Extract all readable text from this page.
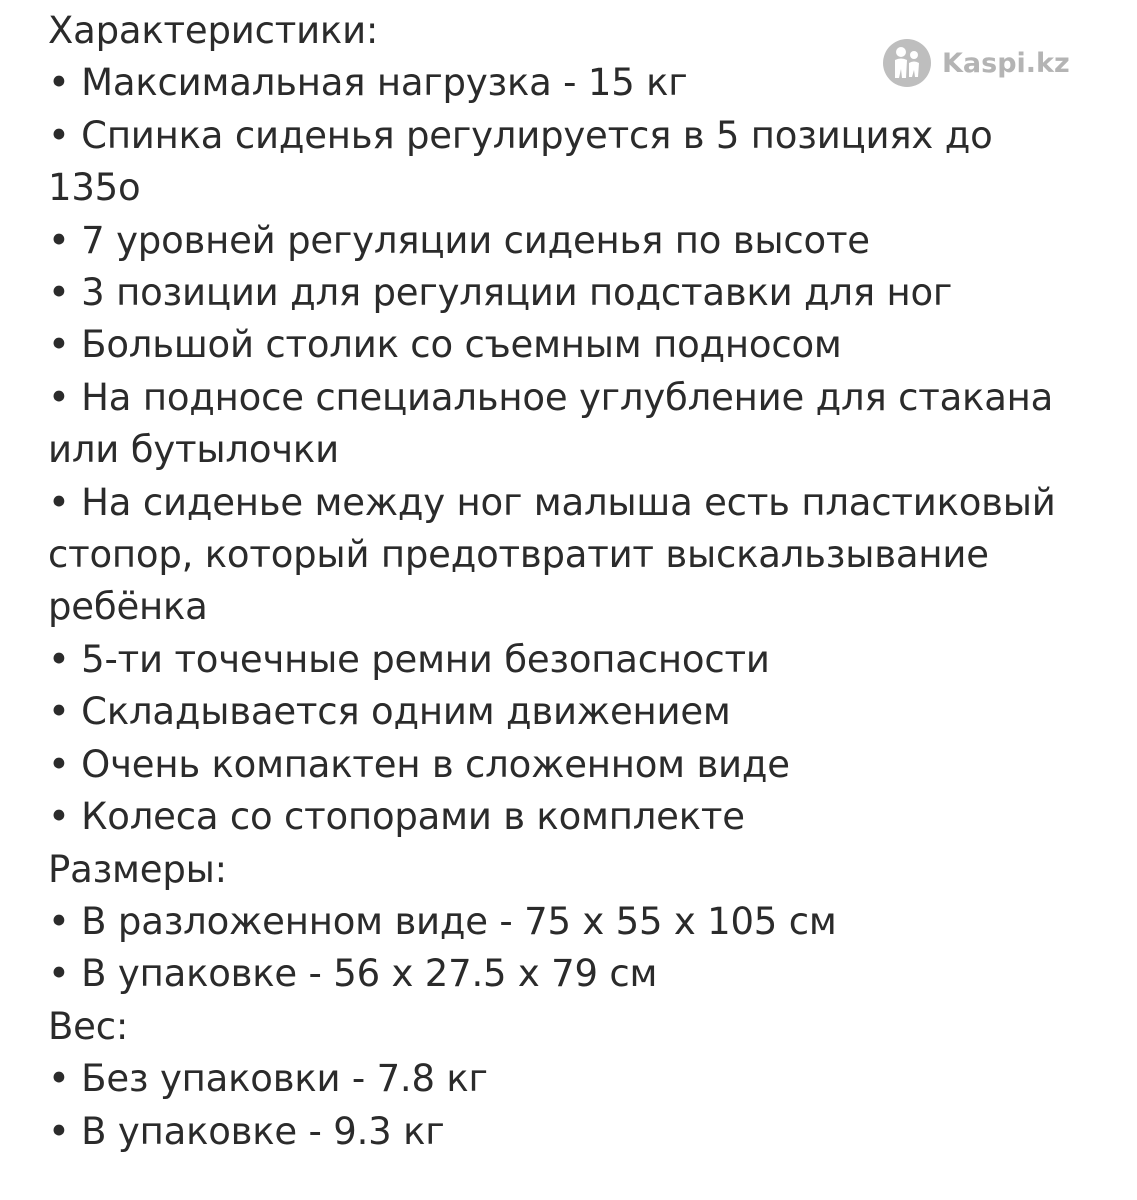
Kaspi.kz
Характеристики:
• Максимальная нагрузка - 15 кг
• Спинка сиденья регулируется в 5 позициях до
135о
• 7 уровней регуляции сиденья по высоте
• 3 позиции для регуляции подставки для ног
• Большой столик со съемным подносом
• На подносе специальное углубление для стакана
или бутылочки
• На сиденье между ног малыша есть пластиковый
стопор, который предотвратит выскальзывание
ребёнка
• 5-ти точечные ремни безопасности
• Складывается одним движением
• Очень компактен в сложенном виде
• Колеса со стопорами в комплекте
Размеры:
• В разложенном виде - 75 x 55 x 105 см
• В упаковке - 56 x 27.5 x 79 см
Вес:
• Без упаковки - 7.8 кг
• В упаковке - 9.3 кг
